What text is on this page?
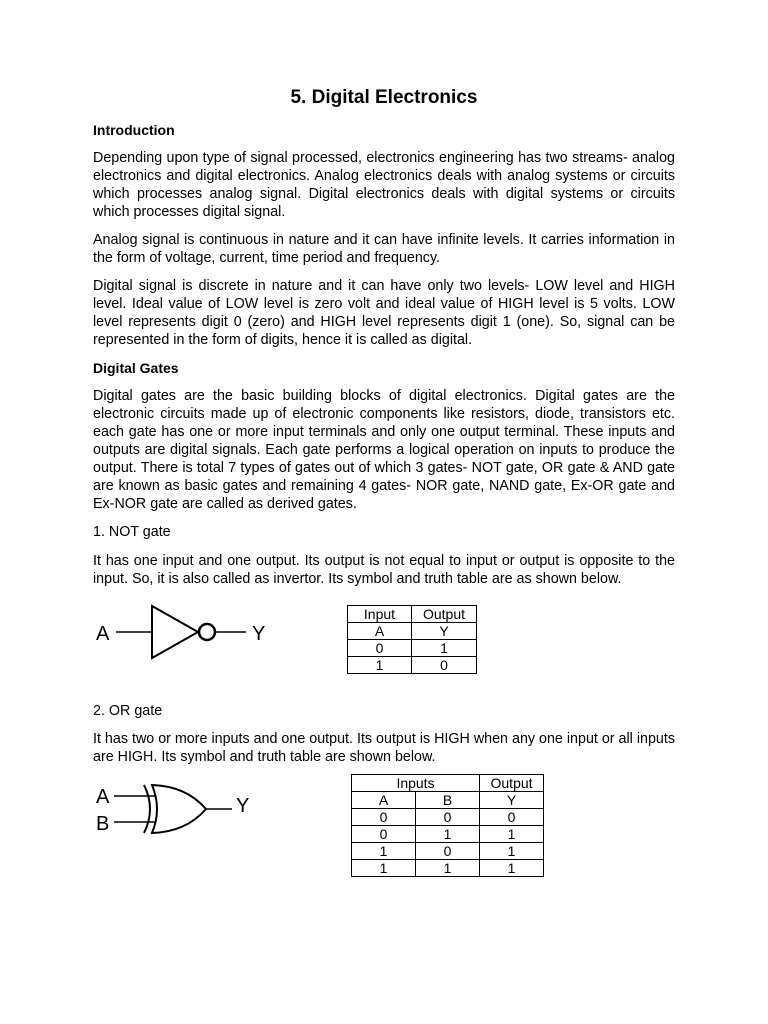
5. Digital Electronics
Introduction
Depending upon type of signal processed, electronics engineering has two streams- analog electronics and digital electronics. Analog electronics deals with analog systems or circuits which processes analog signal. Digital electronics deals with digital systems or circuits which processes digital signal.
Analog signal is continuous in nature and it can have infinite levels. It carries information in the form of voltage, current, time period and frequency.
Digital signal is discrete in nature and it can have only two levels- LOW level and HIGH level. Ideal value of LOW level is zero volt and ideal value of HIGH level is 5 volts. LOW level represents digit 0 (zero) and HIGH level represents digit 1 (one). So, signal can be represented in the form of digits, hence it is called as digital.
Digital Gates
Digital gates are the basic building blocks of digital electronics. Digital gates are the electronic circuits made up of electronic components like resistors, diode, transistors etc. each gate has one or more input terminals and only one output terminal. These inputs and outputs are digital signals. Each gate performs a logical operation on inputs to produce the output. There is total 7 types of gates out of which 3 gates- NOT gate, OR gate & AND gate are known as basic gates and remaining 4 gates- NOR gate, NAND gate, Ex-OR gate and Ex-NOR gate are called as derived gates.
1. NOT gate
It has one input and one output. Its output is not equal to input or output is opposite to the input. So, it is also called as invertor. Its symbol and truth table are as shown below.
A	Y
Input	Output
A	Y
0	1
1	0
2. OR gate
It has two or more inputs and one output. Its output is HIGH when any one input or all inputs are HIGH. Its symbol and truth table are shown below.
A
B
Y
Inputs		Output
A	B	Y
0	0	0
0	1	1
1	0	1
1	1	1
